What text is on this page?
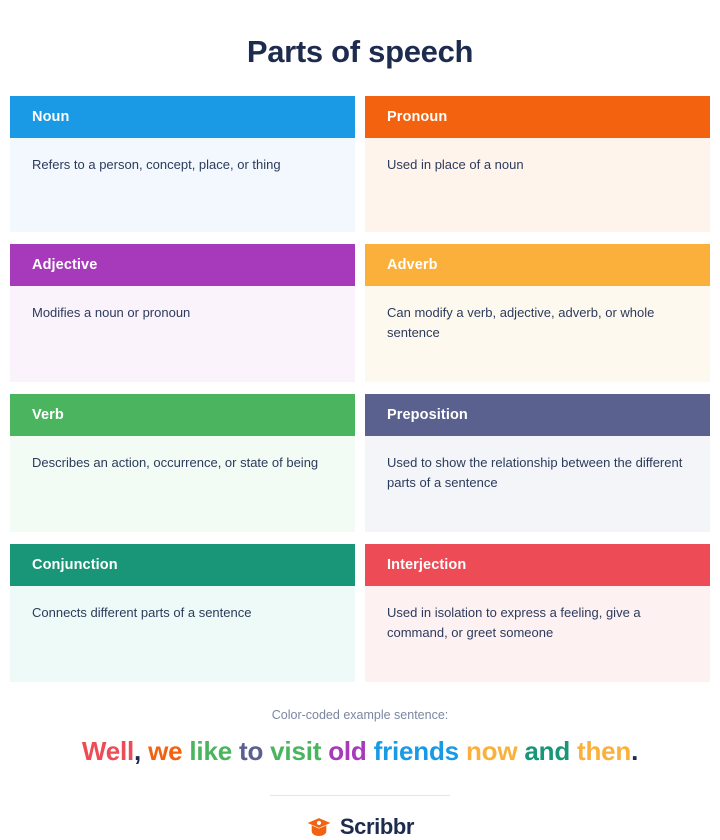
Parts of speech
Noun
Refers to a person, concept, place, or thing
Pronoun
Used in place of a noun
Adjective
Modifies a noun or pronoun
Adverb
Can modify a verb, adjective, adverb, or whole sentence
Verb
Describes an action, occurrence, or state of being
Preposition
Used to show the relationship between the different parts of a sentence
Conjunction
Connects different parts of a sentence
Interjection
Used in isolation to express a feeling, give a command, or greet someone
Color-coded example sentence:
Well, we like to visit old friends now and then.
Scribbr
